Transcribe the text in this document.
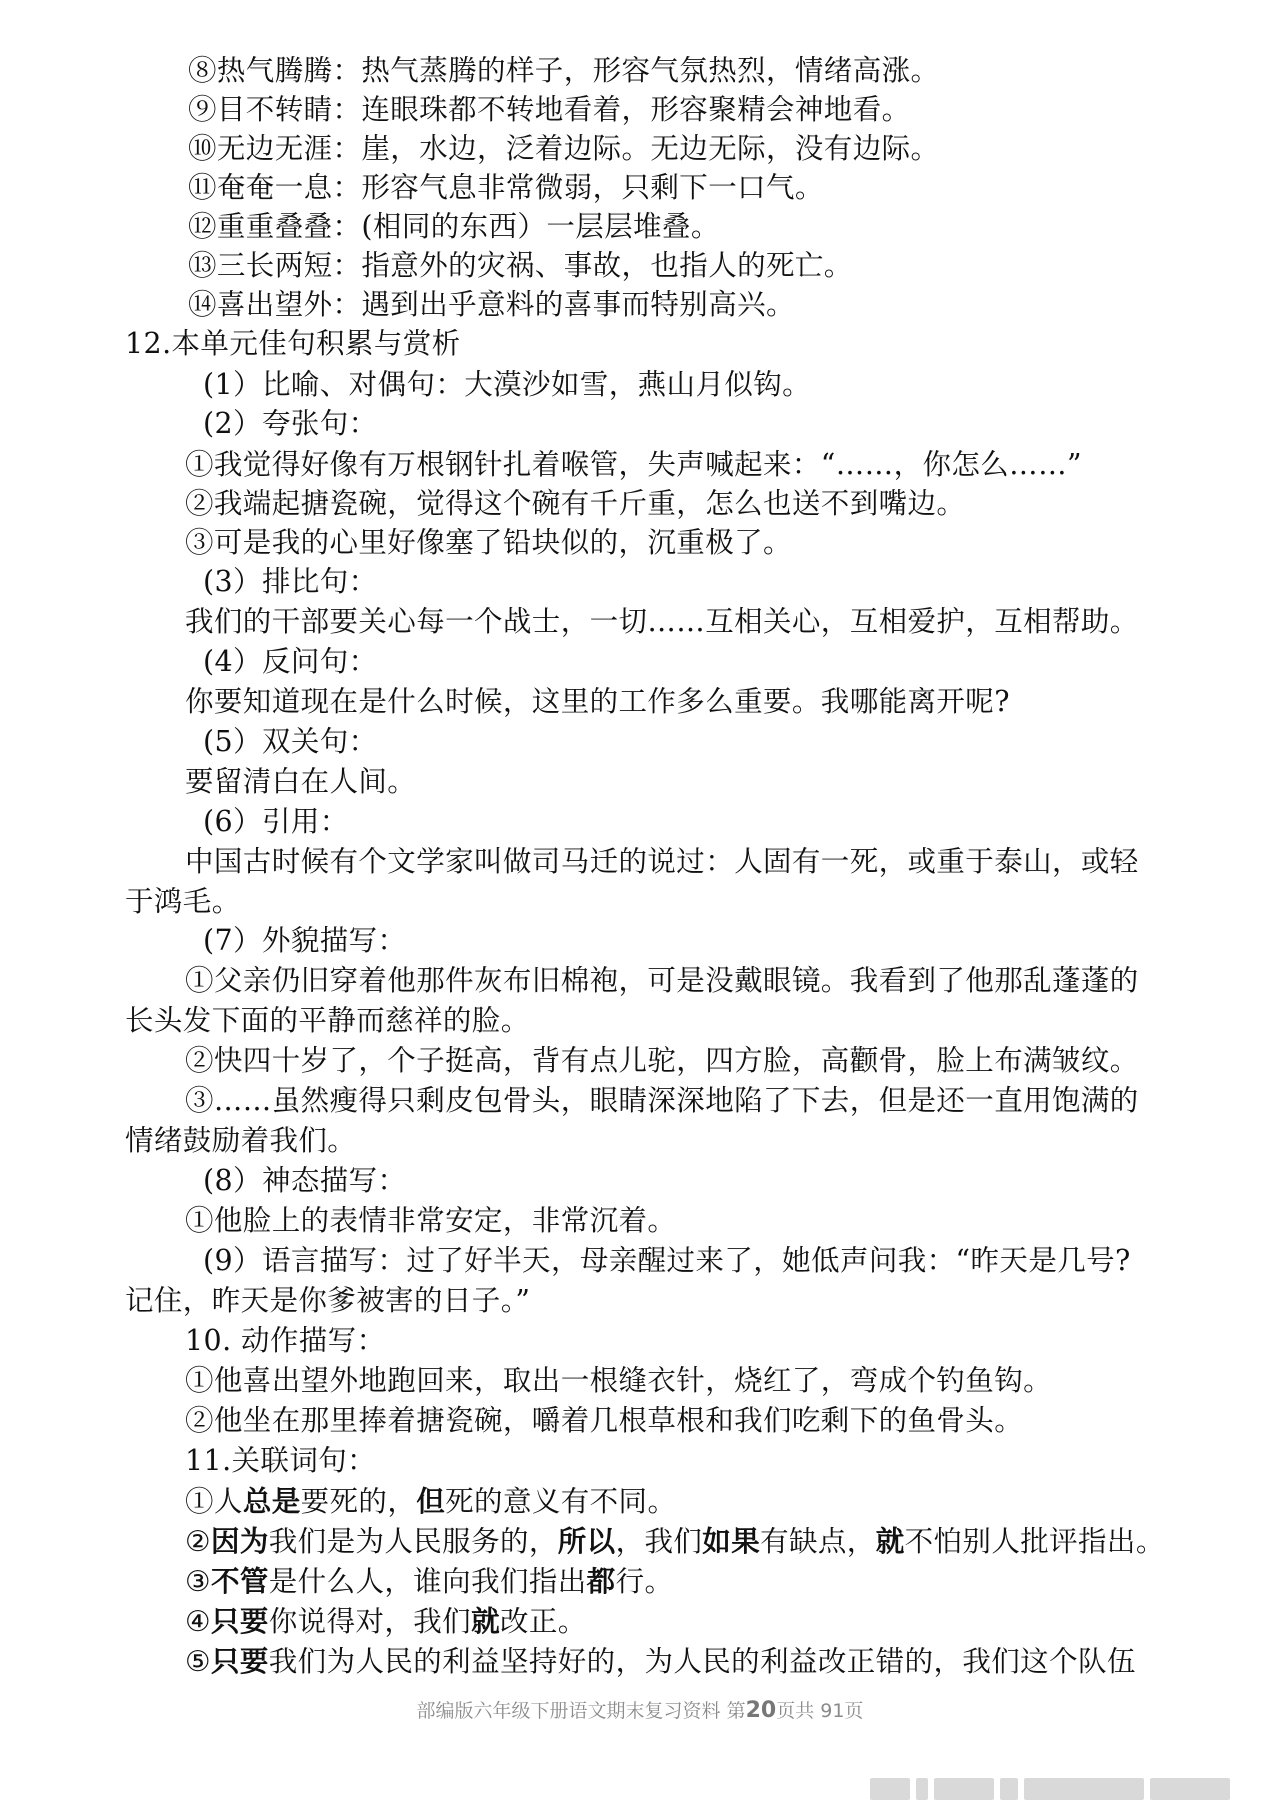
⑧热气腾腾：热气蒸腾的样子，形容气氛热烈，情绪高涨。
⑨目不转睛：连眼珠都不转地看着，形容聚精会神地看。
⑩无边无涯：崖，水边，泛着边际。无边无际，没有边际。
⑪奄奄一息：形容气息非常微弱，只剩下一口气。
⑫重重叠叠：(相同的东西）一层层堆叠。
⑬三长两短：指意外的灾祸、事故，也指人的死亡。
⑭喜出望外：遇到出乎意料的喜事而特别高兴。
12.本单元佳句积累与赏析
(1）比喻、对偶句：大漠沙如雪，燕山月似钩。
(2）夸张句：
①我觉得好像有万根钢针扎着喉管，失声喊起来：“……，你怎么……”
②我端起搪瓷碗，觉得这个碗有千斤重，怎么也送不到嘴边。
③可是我的心里好像塞了铅块似的，沉重极了。
(3）排比句：
我们的干部要关心每一个战士，一切……互相关心，互相爱护，互相帮助。
(4）反问句：
你要知道现在是什么时候，这里的工作多么重要。我哪能离开呢?
(5）双关句：
要留清白在人间。
(6）引用：
中国古时候有个文学家叫做司马迁的说过：人固有一死，或重于泰山，或轻
于鸿毛。
(7）外貌描写：
①父亲仍旧穿着他那件灰布旧棉袍，可是没戴眼镜。我看到了他那乱蓬蓬的
长头发下面的平静而慈祥的脸。
②快四十岁了，个子挺高，背有点儿驼，四方脸，高颧骨，脸上布满皱纹。
③……虽然瘦得只剩皮包骨头，眼睛深深地陷了下去，但是还一直用饱满的
情绪鼓励着我们。
(8）神态描写：
①他脸上的表情非常安定，非常沉着。
(9）语言描写：过了好半天，母亲醒过来了，她低声问我：“昨天是几号?
记住，昨天是你爹被害的日子。”
10. 动作描写：
①他喜出望外地跑回来，取出一根缝衣针，烧红了，弯成个钓鱼钩。
②他坐在那里捧着搪瓷碗，嚼着几根草根和我们吃剩下的鱼骨头。
11.关联词句：
①人总是要死的，但死的意义有不同。
②因为我们是为人民服务的，所以，我们如果有缺点，就不怕别人批评指出。
③不管是什么人，谁向我们指出都行。
④只要你说得对，我们就改正。
⑤只要我们为人民的利益坚持好的，为人民的利益改正错的，我们这个队伍
部编版六年级下册语文期末复习资料 第20页共 91页
